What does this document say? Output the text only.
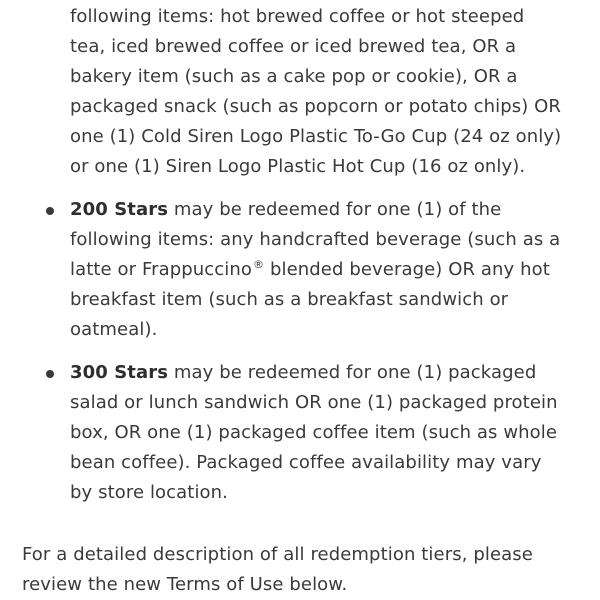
following items: hot brewed coffee or hot steeped
tea, iced brewed coffee or iced brewed tea, OR a
bakery item (such as a cake pop or cookie), OR a
packaged snack (such as popcorn or potato chips) OR
one (1) Cold Siren Logo Plastic To-Go Cup (24 oz only)
or one (1) Siren Logo Plastic Hot Cup (16 oz only).
200 Stars may be redeemed for one (1) of the
following items: any handcrafted beverage (such as a
latte or Frappuccino® blended beverage) OR any hot
breakfast item (such as a breakfast sandwich or
oatmeal).
300 Stars may be redeemed for one (1) packaged
salad or lunch sandwich OR one (1) packaged protein
box, OR one (1) packaged coffee item (such as whole
bean coffee). Packaged coffee availability may vary
by store location.
For a detailed description of all redemption tiers, please
review the new Terms of Use below.
